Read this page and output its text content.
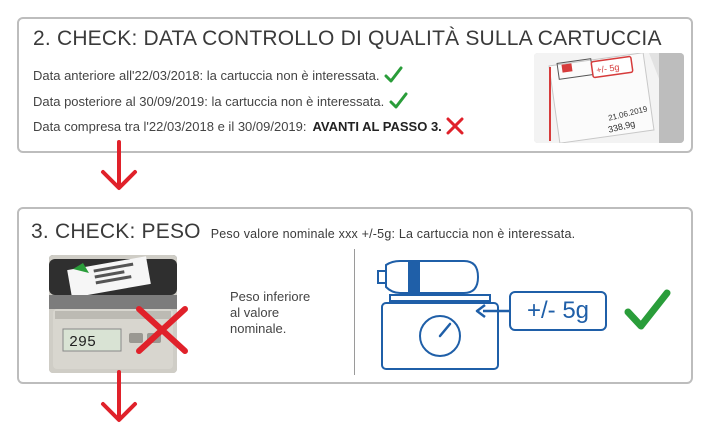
2. CHECK: DATA CONTROLLO DI QUALITÀ SULLA CARTUCCIA
Data anteriore all'22/03/2018: la cartuccia non è interessata.
Data posteriore al 30/09/2019: la cartuccia non è interessata.
Data compresa tra l'22/03/2018 e il 30/09/2019: AVANTI AL PASSO 3.
+/- 5g
21.06.2019
338,9g
3. CHECK: PESO Peso valore nominale xxx +/-5g: La cartuccia non è interessata.
295
Peso inferiore
al valore
nominale.
+/- 5g
